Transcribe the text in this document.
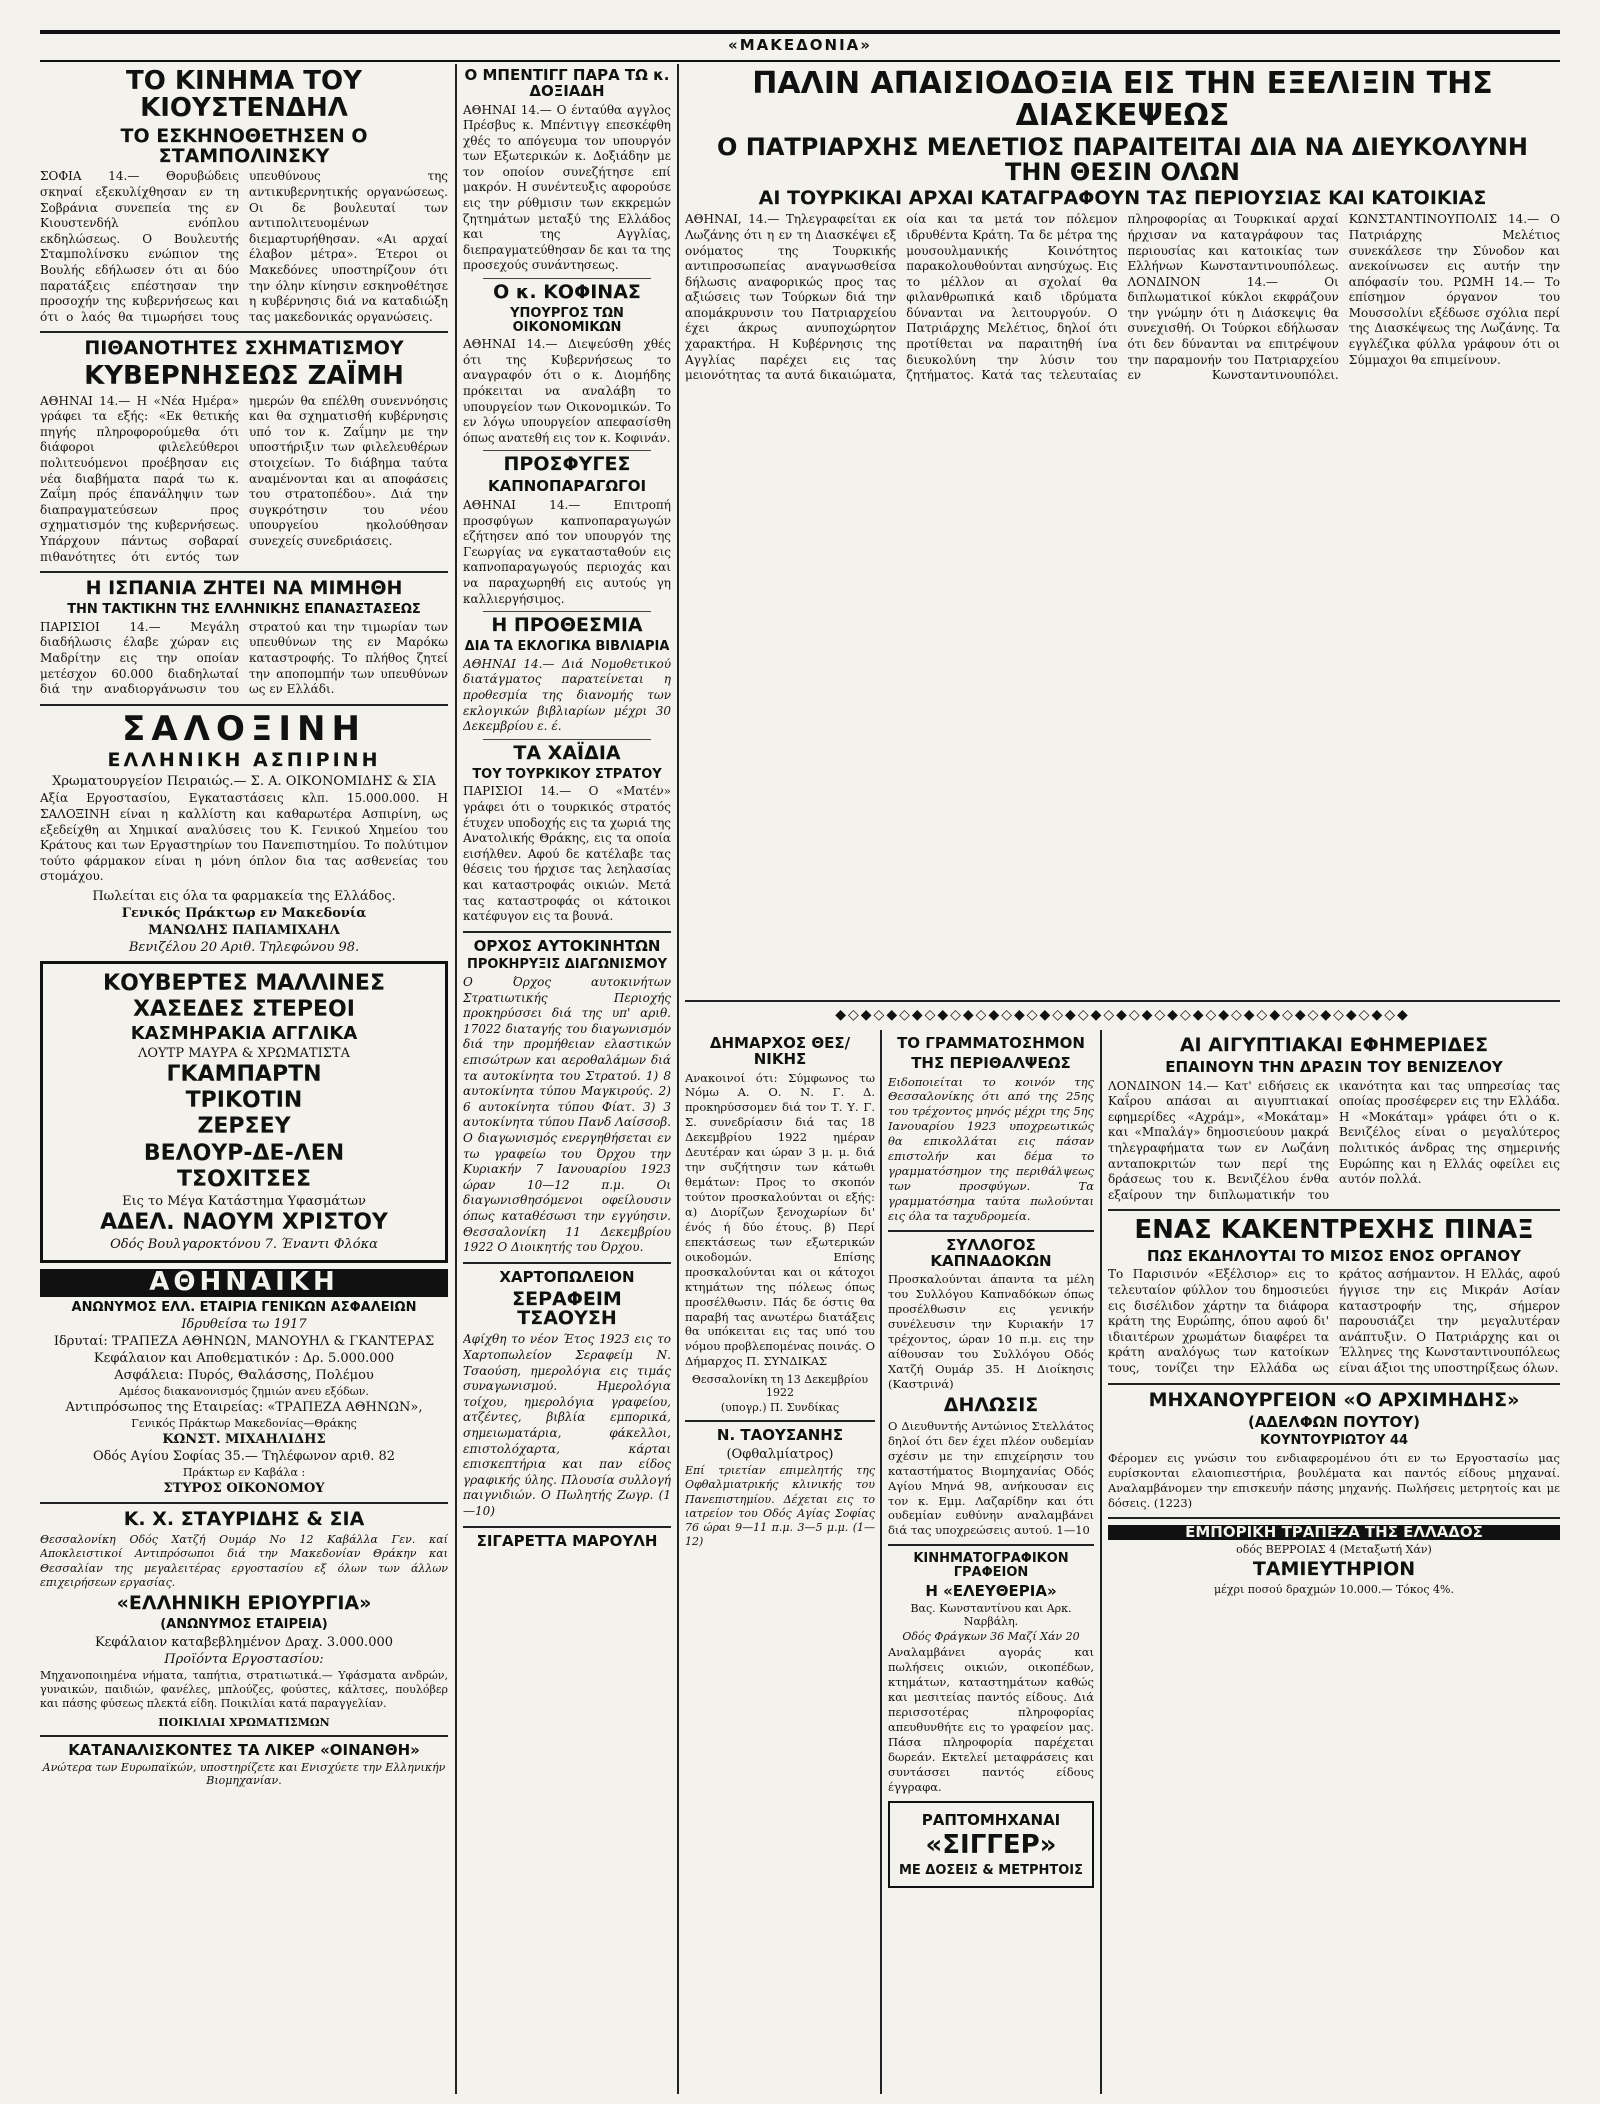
«ΜΑΚΕΔΟΝΙΑ»
ΤΟ ΚΙΝΗΜΑ ΤΟΥ ΚΙΟΥΣΤΕΝΔΗΛ
ΤΟ ΕΣΚΗΝΟΘΕΤΗΣΕΝ Ο ΣΤΑΜΠΟΛΙΝΣΚΥ
ΣΟΦΙΑ 14.— Θορυβώδεις σκηναί εξεκυλίχθησαν εν τη Σοβράνια συνεπεία της εν Κιουστενδήλ ενόπλου εκδηλώσεως. Ο Βουλευτής Σταμπολίνσκυ ενώπιον της Βουλής εδήλωσεν ότι αι δύο παρατάξεις επέστησαν την προσοχήν της κυβερνήσεως και ότι ο λαός θα τιμωρήσει τους υπευθύνους της αντικυβερνητικής οργανώσεως. Οι δε βουλευταί των αντιπολιτευομένων διεμαρτυρήθησαν. «Αι αρχαί έλαβον μέτρα». Έτεροι οι Μακεδόνες υποστηρίζουν ότι την όλην κίνησιν εσκηνοθέτησε η κυβέρνησις διά να καταδιώξη τας μακεδονικάς οργανώσεις.
ΠΙΘΑΝΟΤΗΤΕΣ ΣΧΗΜΑΤΙΣΜΟΥ
ΚΥΒΕΡΝΗΣΕΩΣ ΖΑΪΜΗ
ΑΘΗΝΑΙ 14.— Η «Νέα Ημέρα» γράφει τα εξής: «Εκ θετικής πηγής πληροφορούμεθα ότι διάφοροι φιλελεύθεροι πολιτευόμενοι προέβησαν εις νέα διαβήματα παρά τω κ. Ζαΐμη πρός έπανάληψιν των διαπραγματεύσεων προς σχηματισμόν της κυβερνήσεως. Υπάρχουν πάντως σοβαραί πιθανότητες ότι εντός των ημερών θα επέλθη συνεννόησις και θα σχηματισθή κυβέρνησις υπό τον κ. Ζαΐμην με την υποστήριξιν των φιλελευθέρων στοιχείων. Το διάβημα ταύτα αναμένονται και αι αποφάσεις του στρατοπέδου». Διά την συγκρότησιν του νέου υπουργείου ηκολούθησαν συνεχείς συνεδριάσεις.
Η ΙΣΠΑΝΙΑ ΖΗΤΕΙ ΝΑ ΜΙΜΗΘΗ
ΤΗΝ ΤΑΚΤΙΚΗΝ ΤΗΣ ΕΛΛΗΝΙΚΗΣ ΕΠΑΝΑΣΤΑΣΕΩΣ
ΠΑΡΙΣΙΟΙ 14.— Μεγάλη διαδήλωσις έλαβε χώραν εις Μαδρίτην εις την οποίαν μετέσχον 60.000 διαδηλωταί διά την αναδιοργάνωσιν του στρατού και την τιμωρίαν των υπευθύνων της εν Μαρόκω καταστροφής. Το πλήθος ζητεί την αποπομπήν των υπευθύνων ως εν Ελλάδι.
ΣΑΛΟΞΙΝΗ
ΕΛΛΗΝΙΚΗ ΑΣΠΙΡΙΝΗ
Χρωματουργείον Πειραιώς.— Σ. Α. ΟΙΚΟΝΟΜΙΔΗΣ & ΣΙΑ
Αξία Εργοστασίου, Εγκαταστάσεις κλπ. 15.000.000. Η ΣΑΛΟΞΙΝΗ είναι η καλλίστη και καθαρωτέρα Ασπιρίνη, ως εξεδείχθη αι Χημικαί αναλύσεις του Κ. Γενικού Χημείου του Κράτους και των Εργαστηρίων του Πανεπιστημίου. Το πολύτιμον τούτο φάρμακον είναι η μόνη όπλον δια τας ασθενείας του στομάχου.
Πωλείται εις όλα τα φαρμακεία της Ελλάδος.
Γενικός Πράκτωρ εν Μακεδονία
ΜΑΝΩΛΗΣ ΠΑΠΑΜΙΧΑΗΛ
Βενιζέλου 20 Αριθ. Τηλεφώνου 98.
ΚΟΥΒΕΡΤΕΣ ΜΑΛΛΙΝΕΣ
ΧΑΣΕΔΕΣ ΣΤΕΡΕΟΙ
ΚΑΣΜΗΡΑΚΙΑ ΑΓΓΛΙΚΑ
ΛΟΥΤΡ ΜΑΥΡΑ & ΧΡΩΜΑΤΙΣΤΑ
ΓΚΑΜΠΑΡΤΝ
ΤΡΙΚΟΤΙΝ
ΖΕΡΣΕΥ
ΒΕΛΟΥΡ-ΔΕ-ΛΕΝ
ΤΣΟΧΙΤΣΕΣ
Εις το Μέγα Κατάστημα Υφασμάτων
ΑΔΕΛ. ΝΑΟΥΜ ΧΡΙΣΤΟΥ
Οδός Βουλγαροκτόνου 7. Έναντι Φλόκα
ΑΘΗΝΑΪΚΗ
ΑΝΩΝΥΜΟΣ ΕΛΛ. ΕΤΑΙΡΙΑ ΓΕΝΙΚΩΝ ΑΣΦΑΛΕΙΩΝ
Ιδρυθείσα τω 1917
Ιδρυταί: ΤΡΑΠΕΖΑ ΑΘΗΝΩΝ, ΜΑΝΟΥΗΛ & ΓΚΑΝΤΕΡΑΣ
Κεφάλαιον και Αποθεματικόν : Δρ. 5.000.000
Ασφάλεια: Πυρός, Θαλάσσης, Πολέμου
Αμέσος διακανονισμός ζημιών ανευ εξόδων.
Αντιπρόσωπος της Εταιρείας: «ΤΡΑΠΕΖΑ ΑΘΗΝΩΝ»,
Γενικός Πράκτωρ Μακεδονίας—Θράκης
ΚΩΝΣΤ. ΜΙΧΑΗΛΙΔΗΣ
Οδός Αγίου Σοφίας 35.— Τηλέφωνον αριθ. 82
Πράκτωρ εν Καβάλα :
ΣΤΥΡΟΣ ΟΙΚΟΝΟΜΟΥ
Κ. Χ. ΣΤΑΥΡΙΔΗΣ & ΣΙΑ
Θεσσαλονίκη Οδός Χατζή Ουμάρ Νο 12 Καβάλλα Γεν. καί Αποκλειστικοί Αντιπρόσωποι διά την Μακεδονίαν Θράκην και Θεσσαλίαν της μεγαλειτέρας εργοστασίου εξ όλων των άλλων επιχειρήσεων εργασίας.
«ΕΛΛΗΝΙΚΗ ΕΡΙΟΥΡΓΙΑ»
(ΑΝΩΝΥΜΟΣ ΕΤΑΙΡΕΙΑ)
Κεφάλαιον καταβεβλημένον Δραχ. 3.000.000
Προϊόντα Εργοστασίου:
Μηχανοποιημένα νήματα, ταπήτια, στρατιωτικά.— Υφάσματα ανδρών, γυναικών, παιδιών, φανέλες, μπλούζες, φούστες, κάλτσες, πουλόβερ και πάσης φύσεως πλεκτά είδη. Ποικιλίαι κατά παραγγελίαν.
ΠΟΙΚΙΛΙΑΙ ΧΡΩΜΑΤΙΣΜΩΝ
ΚΑΤΑΝΑΛΙΣΚΟΝΤΕΣ ΤΑ ΛΙΚΕΡ «ΟΙΝΑΝΘΗ»
Ανώτερα των Ευρωπαϊκών, υποστηρίζετε και Ενισχύετε την Ελληνικήν Βιομηχανίαν.
Ο ΜΠΕΝΤΙΓΓ ΠΑΡΑ ΤΩ κ. ΔΟΞΙΑΔΗ
ΑΘΗΝΑΙ 14.— Ο ένταύθα αγγλος Πρέσβυς κ. Μπέντιγγ επεσκέφθη χθές το απόγευμα τον υπουργόν των Εξωτερικών κ. Δοξιάδην με τον οποίον συνεζήτησε επί μακρόν. Η συνέντευξις αφορούσε εις την ρύθμισιν των εκκρεμών ζητημάτων μεταξύ της Ελλάδος και της Αγγλίας, διεπραγματεύθησαν δε και τα της προσεχούς συνάντησεως.
Ο κ. ΚΟΦΙΝΑΣ
ΥΠΟΥΡΓΟΣ ΤΩΝ ΟΙΚΟΝΟΜΙΚΩΝ
ΑΘΗΝΑΙ 14.— Διεψεύσθη χθές ότι της Κυβερνήσεως το αναγραφόν ότι ο κ. Διομήδης πρόκειται να αναλάβη το υπουργείον των Οικονομικών. Το εν λόγω υπουργείον απεφασίσθη όπως ανατεθή εις τον κ. Κοφινάν.
ΠΡΟΣΦΥΓΕΣ
ΚΑΠΝΟΠΑΡΑΓΩΓΟΙ
ΑΘΗΝΑΙ 14.— Επιτροπή προσφύγων καπνοπαραγωγών εζήτησεν από τον υπουργόν της Γεωργίας να εγκατασταθούν εις καπνοπαραγωγούς περιοχάς και να παραχωρηθή εις αυτούς γη καλλιεργήσιμος.
Η ΠΡΟΘΕΣΜΙΑ
ΔΙΑ ΤΑ ΕΚΛΟΓΙΚΑ ΒΙΒΛΙΑΡΙΑ
ΑΘΗΝΑΙ 14.— Διά Νομοθετικού διατάγματος παρατείνεται η προθεσμία της διανομής των εκλογικών βιβλιαρίων μέχρι 30 Δεκεμβρίου ε. έ.
ΤΑ ΧΑΪΔΙΑ
ΤΟΥ ΤΟΥΡΚΙΚΟΥ ΣΤΡΑΤΟΥ
ΠΑΡΙΣΙΟΙ 14.— Ο «Ματέν» γράφει ότι ο τουρκικός στρατός έτυχεν υποδοχής εις τα χωριά της Ανατολικής Θράκης, εις τα οποία εισήλθεν. Αφού δε κατέλαβε τας θέσεις του ήρχισε τας λεηλασίας και καταστροφάς οικιών. Μετά τας καταστροφάς οι κάτοικοι κατέφυγον εις τα βουνά.
ΟΡΧΟΣ ΑΥΤΟΚΙΝΗΤΩΝ
ΠΡΟΚΗΡΥΞΙΣ ΔΙΑΓΩΝΙΣΜΟΥ
Ο Όρχος αυτοκινήτων Στρατιωτικής Περιοχής προκηρύσσει διά της υπ' αριθ. 17022 διαταγής του διαγωνισμόν διά την προμήθειαν ελαστικών επισώτρων και αεροθαλάμων διά τα αυτοκίνητα του Στρατού. 1) 8 αυτοκίνητα τύπου Μαγκιρούς. 2) 6 αυτοκίνητα τύπου Φίατ. 3) 3 αυτοκίνητα τύπου Πανδ Λαίσσοβ. Ο διαγωνισμός ενεργηθήσεται εν τω γραφείω του Όρχου την Κυριακήν 7 Ιανουαρίου 1923 ώραν 10—12 π.μ. Οι διαγωνισθησόμενοι οφείλουσιν όπως καταθέσωσι την εγγύησιν. Θεσσαλονίκη 11 Δεκεμβρίου 1922 Ο Διοικητής του Όρχου.
ΧΑΡΤΟΠΩΛΕΙΟΝ
ΣΕΡΑΦΕΙΜ ΤΣΑΟΥΣΗ
Αφίχθη το νέον Έτος 1923 εις το Χαρτοπωλείον Σεραφείμ Ν. Τσαούση, ημερολόγια εις τιμάς συναγωνισμού. Ημερολόγια τοίχου, ημερολόγια γραφείου, ατζέντες, βιβλία εμπορικά, σημειωματάρια, φάκελλοι, επιστολόχαρτα, κάρται επισκεπτήρια και παν είδος γραφικής ύλης. Πλουσία συλλογή παιγνιδιών. Ο Πωλητής Ζωγρ. (1—10)
ΣΙΓΑΡΕΤΤΑ ΜΑΡΟΥΛΗ
ΠΑΛΙΝ ΑΠΑΙΣΙΟΔΟΞΙΑ ΕΙΣ ΤΗΝ ΕΞΕΛΙΞΙΝ ΤΗΣ ΔΙΑΣΚΕΨΕΩΣ
Ο ΠΑΤΡΙΑΡΧΗΣ ΜΕΛΕΤΙΟΣ ΠΑΡΑΙΤΕΙΤΑΙ ΔΙΑ ΝΑ ΔΙΕΥΚΟΛΥΝΗ ΤΗΝ ΘΕΣΙΝ ΟΛΩΝ
ΑΙ ΤΟΥΡΚΙΚΑΙ ΑΡΧΑΙ ΚΑΤΑΓΡΑΦΟΥΝ ΤΑΣ ΠΕΡΙΟΥΣΙΑΣ ΚΑΙ ΚΑΤΟΙΚΙΑΣ
ΑΘΗΝΑΙ, 14.— Τηλεγραφείται εκ Λωζάνης ότι η εν τη Διασκέψει εξ ονόματος της Τουρκικής αντιπροσωπείας αναγνωσθείσα δήλωσις αναφορικώς προς τας αξιώσεις των Τούρκων διά την απομάκρυνσιν του Πατριαρχείου έχει άκρως ανυποχώρητον χαρακτήρα. Η Κυβέρνησις της Αγγλίας παρέχει εις τας μειονότητας τα αυτά δικαιώματα, οία και τα μετά τον πόλεμον ιδρυθέντα Κράτη. Τα δε μέτρα της μουσουλμανικής Κοινότητος παρακολουθούνται ανησύχως. Εις το μέλλον αι σχολαί θα φιλανθρωπικά καιδ ιδρύματα δύνανται να λειτουργούν. Ο Πατριάρχης Μελέτιος, δηλοί ότι προτίθεται να παραιτηθή ίνα διευκολύνη την λύσιν του ζητήματος. Κατά τας τελευταίας πληροφορίας αι Τουρκικαί αρχαί ήρχισαν να καταγράφουν τας περιουσίας και κατοικίας των Ελλήνων Κωνσταντινουπόλεως. ΛΟΝΔΙΝΟΝ 14.— Οι διπλωματικοί κύκλοι εκφράζουν την γνώμην ότι η Διάσκεψις θα συνεχισθή. Οι Τούρκοι εδήλωσαν ότι δεν δύνανται να επιτρέψουν την παραμονήν του Πατριαρχείου εν Κωνσταντινουπόλει. ΚΩΝΣΤΑΝΤΙΝΟΥΠΟΛΙΣ 14.— Ο Πατριάρχης Μελέτιος συνεκάλεσε την Σύνοδον και ανεκοίνωσεν εις αυτήν την απόφασίν του. ΡΩΜΗ 14.— Το επίσημον όργανον του Μουσσολίνι εξέδωσε σχόλια περί της Διασκέψεως της Λωζάνης. Τα εγγλέζικα φύλλα γράφουν ότι οι Σύμμαχοι θα επιμείνουν.
◆◇◆◇◆◇◆◇◆◇◆◇◆◇◆◇◆◇◆◇◆◇◆◇◆◇◆◇◆◇◆◇◆◇◆◇◆◇◆◇◆◇◆◇◆
ΔΗΜΑΡΧΟΣ ΘΕΣ/ΝΙΚΗΣ
Ανακοινοί ότι: Σύμφωνος τω Νόμω Α. Ο. Ν. Γ. Δ. προκηρύσσομεν διά τον Τ. Υ. Γ. Σ. συνεδρίασιν διά τας 18 Δεκεμβρίου 1922 ημέραν Δευτέραν και ώραν 3 μ. μ. διά την συζήτησιν των κάτωθι θεμάτων: Προς το σκοπόν τούτον προσκαλούνται οι εξής: α) Διορίζων ξενοχωρίων δι' ένός ή δύο έτους. β) Περί επεκτάσεως των εξωτερικών οικοδομών. Επίσης προσκαλούνται και οι κάτοχοι κτημάτων της πόλεως όπως προσέλθωσιν. Πάς δε όστις θα παραβή τας ανωτέρω διατάξεις θα υπόκειται εις τας υπό του νόμου προβλεπομένας ποινάς. Ο Δήμαρχος Π. ΣΥΝΔΙΚΑΣ
Θεσσαλονίκη τη 13 Δεκεμβρίου 1922
(υπογρ.) Π. Συνδίκας
Ν. ΤΑΟΥΣΑΝΗΣ
(Οφθαλμίατρος)
Επί τριετίαν επιμελητής της Οφθαλμιατρικής κλινικής του Πανεπιστημίου. Δέχεται εις το ιατρείον του Οδός Αγίας Σοφίας 76 ώραι 9—11 π.μ. 3—5 μ.μ. (1—12)
ΤΟ ΓΡΑΜΜΑΤΟΣΗΜΟΝ
ΤΗΣ ΠΕΡΙΘΑΛΨΕΩΣ
Ειδοποιείται το κοινόν της Θεσσαλονίκης ότι από της 25ης του τρέχοντος μηνός μέχρι της 5ης Ιανουαρίου 1923 υποχρεωτικώς θα επικολλάται εις πάσαν επιστολήν και δέμα το γραμματόσημον της περιθάλψεως των προσφύγων. Τα γραμματόσημα ταύτα πωλούνται εις όλα τα ταχυδρομεία.
ΣΥΛΛΟΓΟΣ ΚΑΠΝΑΔΟΚΩΝ
Προσκαλούνται άπαντα τα μέλη του Συλλόγου Καπναδόκων όπως προσέλθωσιν εις γενικήν συνέλευσιν την Κυριακήν 17 τρέχοντος, ώραν 10 π.μ. εις την αίθουσαν του Συλλόγου Οδός Χατζή Ουμάρ 35. Η Διοίκησις (Καστρινά)
ΔΗΛΩΣΙΣ
Ο Διευθυντής Αντώνιος Στελλάτος δηλοί ότι δεν έχει πλέον ουδεμίαν σχέσιν με την επιχείρησιν του καταστήματος Βιομηχανίας Οδός Αγίου Μηνά 98, ανήκουσαν εις τον κ. Εμμ. Λαζαρίδην και ότι ουδεμίαν ευθύνην αναλαμβάνει διά τας υποχρεώσεις αυτού. 1—10
ΚΙΝΗΜΑΤΟΓΡΑΦΙΚΟΝ ΓΡΑΦΕΙΟΝ
Η «ΕΛΕΥΘΕΡΙΑ»
Βας. Κωνσταντίνου και Αρκ. Ναρβάλη.
Οδός Φράγκων 36 Μαζί Χάν 20
Αναλαμβάνει αγοράς και πωλήσεις οικιών, οικοπέδων, κτημάτων, καταστημάτων καθώς και μεσιτείας παντός είδους. Διά περισσοτέρας πληροφορίας απευθυνθήτε εις το γραφείον μας. Πάσα πληροφορία παρέχεται δωρεάν. Εκτελεί μεταφράσεις και συντάσσει παντός είδους έγγραφα.
ΡΑΠΤΟΜΗΧΑΝΑΙ
«ΣΙΓΓΕΡ»
ΜΕ ΔΟΣΕΙΣ & ΜΕΤΡΗΤΟΙΣ
ΑΙ ΑΙΓΥΠΤΙΑΚΑΙ ΕΦΗΜΕΡΙΔΕΣ
ΕΠΑΙΝΟΥΝ ΤΗΝ ΔΡΑΣΙΝ ΤΟΥ ΒΕΝΙΖΕΛΟΥ
ΛΟΝΔΙΝΟΝ 14.— Κατ' ειδήσεις εκ Καΐρου απάσαι αι αιγυπτιακαί εφημερίδες «Αχράμ», «Μοκάταμ» και «Μπαλάγ» δημοσιεύουν μακρά τηλεγραφήματα των εν Λωζάνη ανταποκριτών των περί της δράσεως του κ. Βενιζέλου ένθα εξαίρουν την διπλωματικήν του ικανότητα και τας υπηρεσίας τας οποίας προσέφερεν εις την Ελλάδα. Η «Μοκάταμ» γράφει ότι ο κ. Βενιζέλος είναι ο μεγαλύτερος πολιτικός άνδρας της σημερινής Ευρώπης και η Ελλάς οφείλει εις αυτόν πολλά.
ΕΝΑΣ ΚΑΚΕΝΤΡΕΧΗΣ ΠΙΝΑΞ
ΠΩΣ ΕΚΔΗΛΟΥΤΑΙ ΤΟ ΜΙΣΟΣ ΕΝΟΣ ΟΡΓΑΝΟΥ
Το Παρισινόν «Εξέλσιορ» εις το τελευταίον φύλλον του δημοσιεύει εις δισέλιδον χάρτην τα διάφορα κράτη της Ευρώπης, όπου αφού δι' ιδιαιτέρων χρωμάτων διαφέρει τα κράτη αναλόγως των κατοίκων τους, τονίζει την Ελλάδα ως κράτος ασήμαντον. Η Ελλάς, αφού ήγγισε την εις Μικράν Ασίαν καταστροφήν της, σήμερον παρουσιάζει την μεγαλυτέραν ανάπτυξιν. Ο Πατριάρχης και οι Έλληνες της Κωνσταντινουπόλεως είναι άξιοι της υποστηρίξεως όλων.
ΜΗΧΑΝΟΥΡΓΕΙΟΝ «Ο ΑΡΧΙΜΗΔΗΣ»
(ΑΔΕΛΦΩΝ ΠΟΥΤΟΥ)
ΚΟΥΝΤΟΥΡΙΩΤΟΥ 44
Φέρομεν εις γνώσιν του ενδιαφερομένου ότι εν τω Εργοστασίω μας ευρίσκονται ελαιοπιεστήρια, βουλέματα και παντός είδους μηχαναί. Αναλαμβάνομεν την επισκευήν πάσης μηχανής. Πωλήσεις μετρητοίς και με δόσεις. (1223)
ΕΜΠΟΡΙΚΗ ΤΡΑΠΕΖΑ ΤΗΣ ΕΛΛΑΔΟΣ
οδός ΒΕΡΡΟΙΑΣ 4 (Μεταξωτή Χάν)
ΤΑΜΙΕΥΤΗΡΙΟΝ
μέχρι ποσού δραχμών 10.000.— Τόκος 4%.
